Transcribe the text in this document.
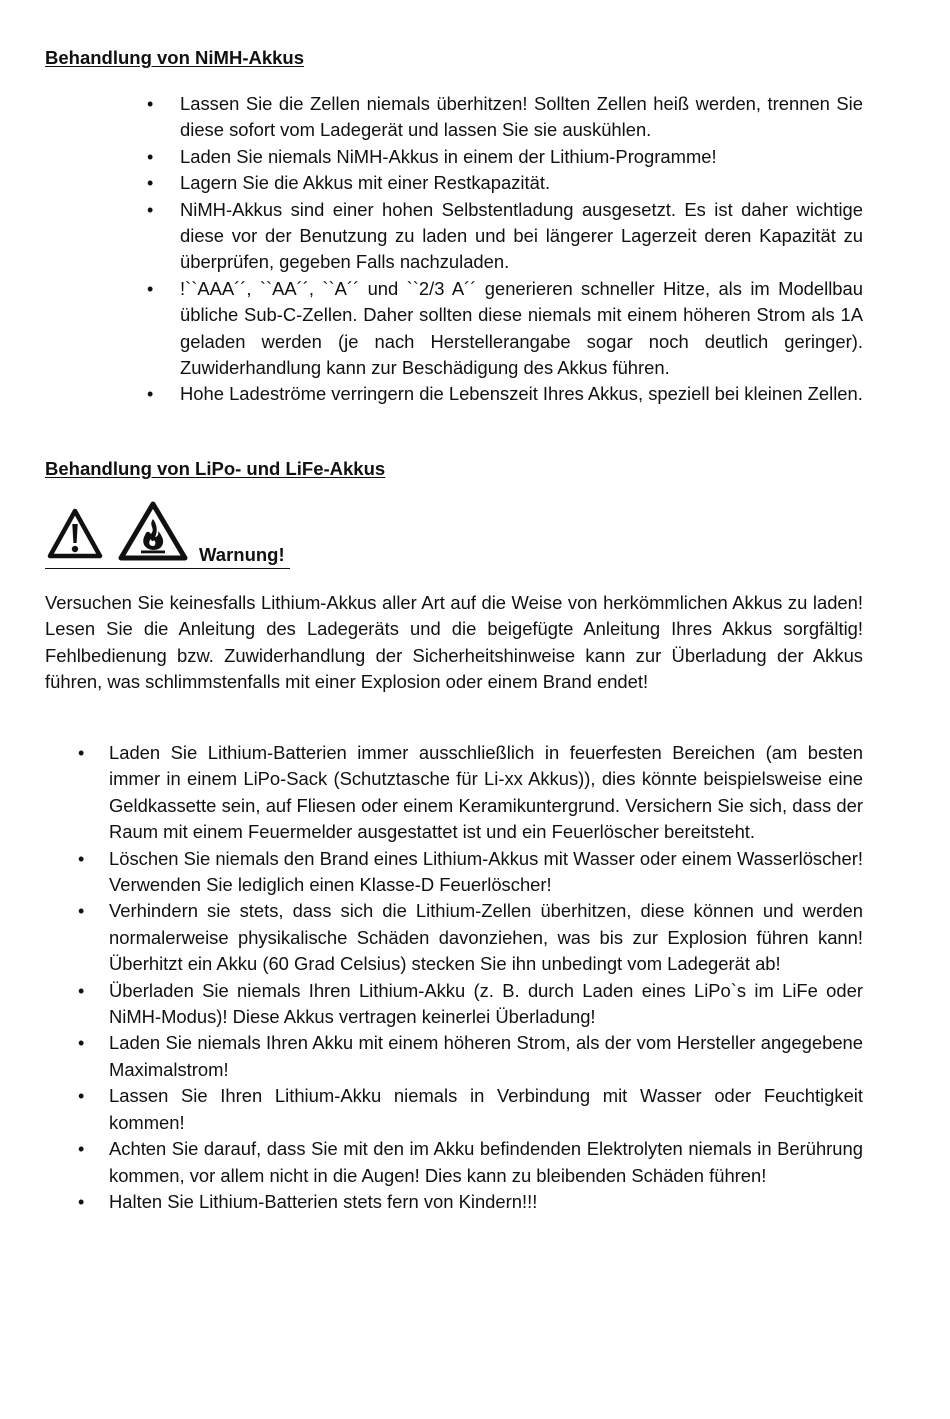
Behandlung von NiMH-Akkus
• Lassen Sie die Zellen niemals überhitzen! Sollten Zellen heiß werden, trennen Sie diese sofort vom Ladegerät und lassen Sie sie auskühlen.
• Laden Sie niemals NiMH-Akkus in einem der Lithium-Programme!
• Lagern Sie die Akkus mit einer Restkapazität.
• NiMH-Akkus sind einer hohen Selbstentladung ausgesetzt. Es ist daher wichtige diese vor der Benutzung zu laden und bei längerer Lagerzeit deren Kapazität zu überprüfen, gegeben Falls nachzuladen.
• !``AAA´´, ``AA´´, ``A´´ und ``2/3 A´´ generieren schneller Hitze, als im Modellbau übliche Sub-C-Zellen. Daher sollten diese niemals mit einem höheren Strom als 1A geladen werden (je nach Herstellerangabe sogar noch deutlich geringer). Zuwiderhandlung kann zur Beschädigung des Akkus führen.
• Hohe Ladeströme verringern die Lebenszeit Ihres Akkus, speziell bei kleinen Zellen.
Behandlung von LiPo- und LiFe-Akkus
Warnung!

Versuchen Sie keinesfalls Lithium-Akkus aller Art auf die Weise von herkömmlichen Akkus zu laden! Lesen Sie die Anleitung des Ladegeräts und die beigefügte Anleitung Ihres Akkus sorgfältig! Fehlbedienung bzw. Zuwiderhandlung der Sicherheitshinweise kann zur Überladung der Akkus führen, was schlimmstenfalls mit einer Explosion oder einem Brand endet!

• Laden Sie Lithium-Batterien immer ausschließlich in feuerfesten Bereichen (am besten immer in einem LiPo-Sack (Schutztasche für Li-xx Akkus)), dies könnte beispielsweise eine Geldkassette sein, auf Fliesen oder einem Keramikuntergrund. Versichern Sie sich, dass der Raum mit einem Feuermelder ausgestattet ist und ein Feuerlöscher bereitsteht.
• Löschen Sie niemals den Brand eines Lithium-Akkus mit Wasser oder einem Wasserlöscher! Verwenden Sie lediglich einen Klasse-D Feuerlöscher!
• Verhindern sie stets, dass sich die Lithium-Zellen überhitzen, diese können und werden normalerweise physikalische Schäden davonziehen, was bis zur Explosion führen kann! Überhitzt ein Akku (60 Grad Celsius) stecken Sie ihn unbedingt vom Ladegerät ab!
• Überladen Sie niemals Ihren Lithium-Akku (z. B. durch Laden eines LiPo`s im LiFe oder NiMH-Modus)! Diese Akkus vertragen keinerlei Überladung!
• Laden Sie niemals Ihren Akku mit einem höheren Strom, als der vom Hersteller angegebene Maximalstrom!
• Lassen Sie Ihren Lithium-Akku niemals in Verbindung mit Wasser oder Feuchtigkeit kommen!
• Achten Sie darauf, dass Sie mit den im Akku befindenden Elektrolyten niemals in Berührung kommen, vor allem nicht in die Augen! Dies kann zu bleibenden Schäden führen!
• Halten Sie Lithium-Batterien stets fern von Kindern!!!
